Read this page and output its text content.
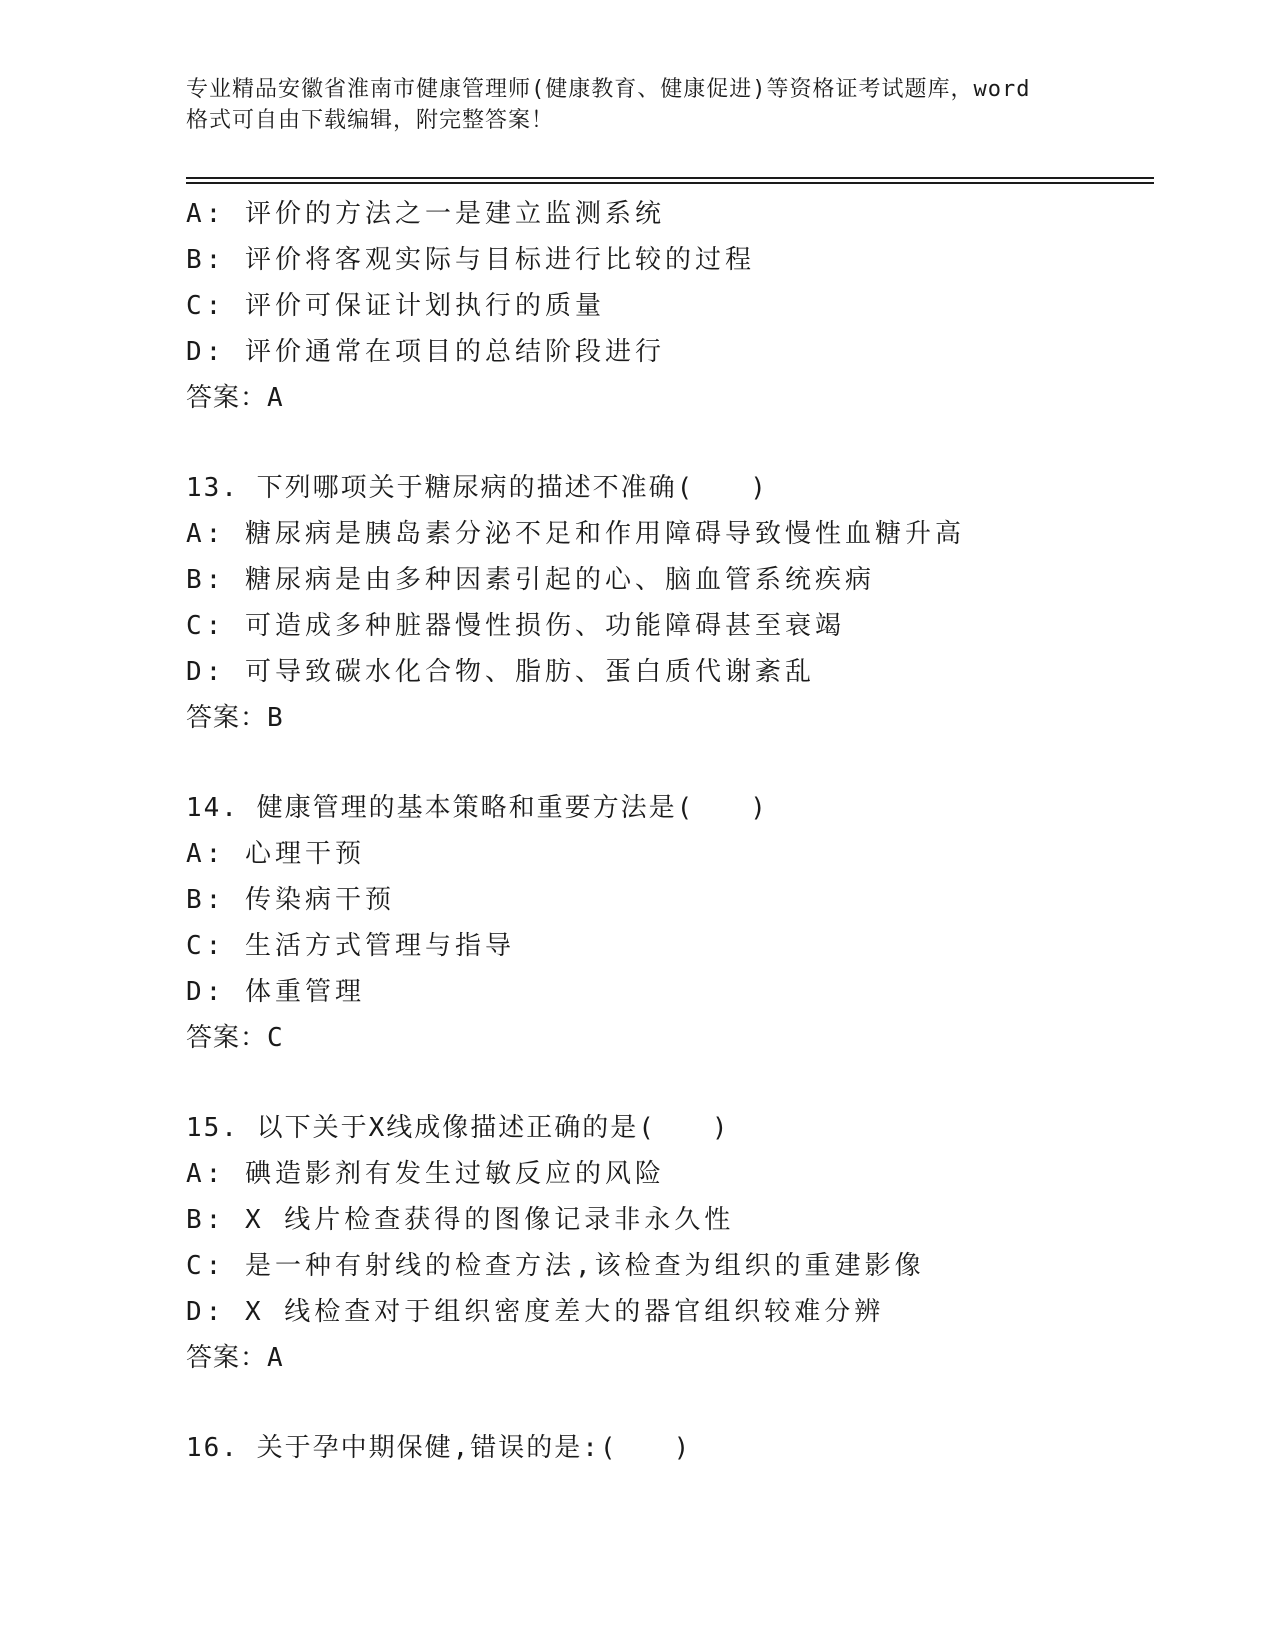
专业精品安徽省淮南市健康管理师(健康教育、健康促进)等资格证考试题库，word
格式可自由下载编辑，附完整答案！
A: 评价的方法之一是建立监测系统
B: 评价将客观实际与目标进行比较的过程
C: 评价可保证计划执行的质量
D: 评价通常在项目的总结阶段进行
答案：A
13. 下列哪项关于糖尿病的描述不准确(　　)
A: 糖尿病是胰岛素分泌不足和作用障碍导致慢性血糖升高
B: 糖尿病是由多种因素引起的心、脑血管系统疾病
C: 可造成多种脏器慢性损伤、功能障碍甚至衰竭
D: 可导致碳水化合物、脂肪、蛋白质代谢紊乱
答案：B
14. 健康管理的基本策略和重要方法是(　　)
A: 心理干预
B: 传染病干预
C: 生活方式管理与指导
D: 体重管理
答案：C
15. 以下关于X线成像描述正确的是(　　)
A: 碘造影剂有发生过敏反应的风险
B: X 线片检查获得的图像记录非永久性
C: 是一种有射线的检查方法,该检查为组织的重建影像
D: X 线检查对于组织密度差大的器官组织较难分辨
答案：A
16. 关于孕中期保健,错误的是:(　　)
